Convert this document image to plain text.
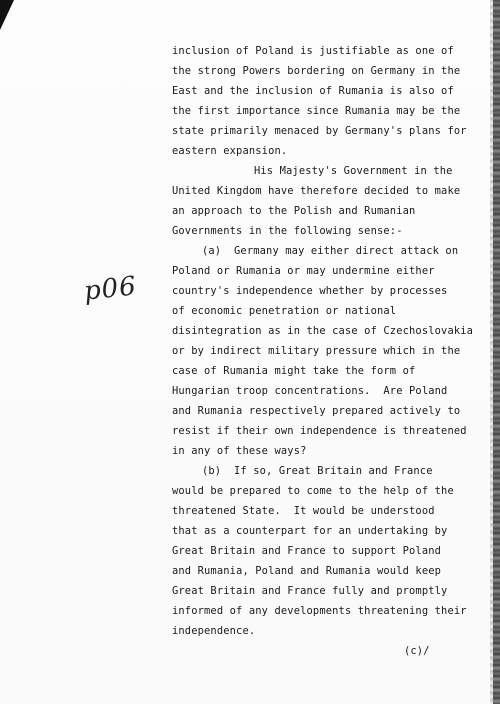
p06
inclusion of Poland is justifiable as one of
the strong Powers bordering on Germany in the
East and the inclusion of Rumania is also of
the first importance since Rumania may be the
state primarily menaced by Germany's plans for
eastern expansion.
His Majesty's Government in the
United Kingdom have therefore decided to make
an approach to the Polish and Rumanian
Governments in the following sense:-
(a)  Germany may either direct attack on
Poland or Rumania or may undermine either
country's independence whether by processes
of economic penetration or national
disintegration as in the case of Czechoslovakia
or by indirect military pressure which in the
case of Rumania might take the form of
Hungarian troop concentrations.  Are Poland
and Rumania respectively prepared actively to
resist if their own independence is threatened
in any of these ways?
(b)  If so, Great Britain and France
would be prepared to come to the help of the
threatened State.  It would be understood
that as a counterpart for an undertaking by
Great Britain and France to support Poland
and Rumania, Poland and Rumania would keep
Great Britain and France fully and promptly
informed of any developments threatening their
independence.
(c)/
